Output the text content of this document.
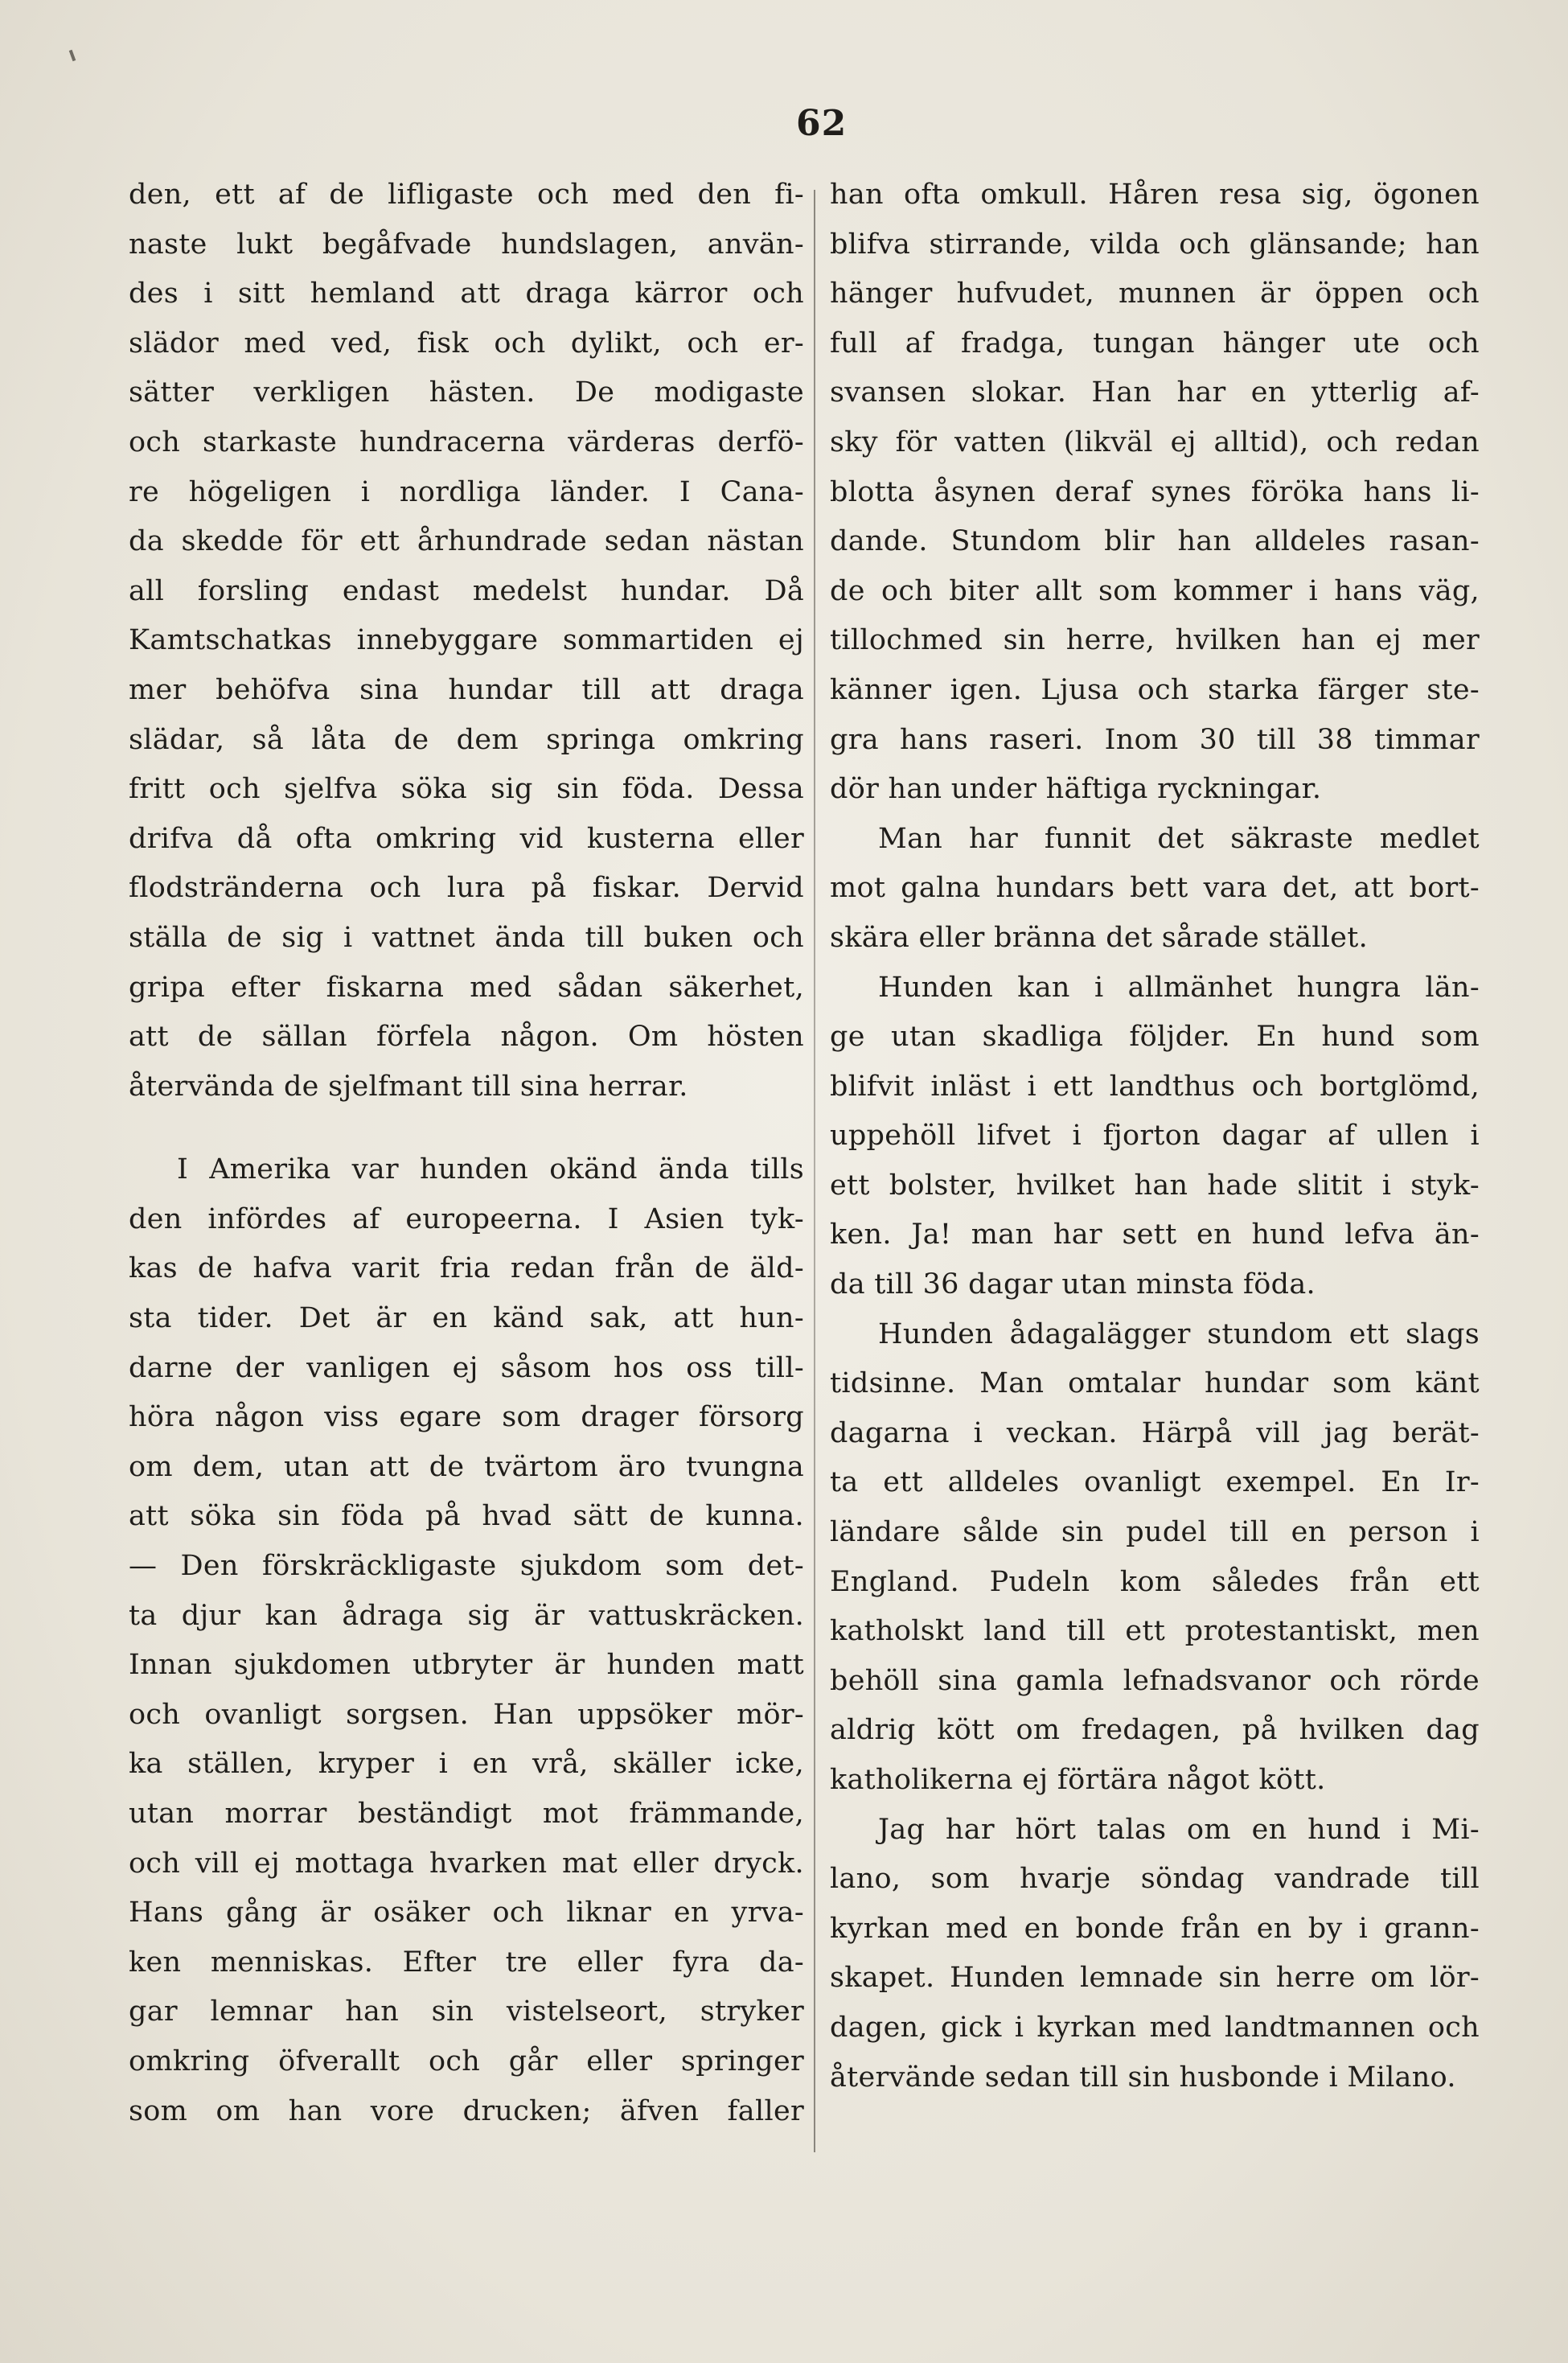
62
den, ett af de lifligaste och med den fi-
naste lukt begåfvade hundslagen, använ-
des i sitt hemland att draga kärror och
slädor med ved, fisk och dylikt, och er-
sätter verkligen hästen. De modigaste
och starkaste hundracerna värderas derfö-
re högeligen i nordliga länder. I Cana-
da skedde för ett århundrade sedan nästan
all forsling endast medelst hundar. Då
Kamtschatkas innebyggare sommartiden ej
mer behöfva sina hundar till att draga
slädar, så låta de dem springa omkring
fritt och sjelfva söka sig sin föda. Dessa
drifva då ofta omkring vid kusterna eller
flodstränderna och lura på fiskar. Dervid
ställa de sig i vattnet ända till buken och
gripa efter fiskarna med sådan säkerhet,
att de sällan förfela någon. Om hösten
återvända de sjelfmant till sina herrar.
I Amerika var hunden okänd ända tills
den infördes af europeerna. I Asien tyk-
kas de hafva varit fria redan från de äld-
sta tider. Det är en känd sak, att hun-
darne der vanligen ej såsom hos oss till-
höra någon viss egare som drager försorg
om dem, utan att de tvärtom äro tvungna
att söka sin föda på hvad sätt de kunna.
— Den förskräckligaste sjukdom som det-
ta djur kan ådraga sig är vattuskräcken.
Innan sjukdomen utbryter är hunden matt
och ovanligt sorgsen. Han uppsöker mör-
ka ställen, kryper i en vrå, skäller icke,
utan morrar beständigt mot främmande,
och vill ej mottaga hvarken mat eller dryck.
Hans gång är osäker och liknar en yrva-
ken menniskas. Efter tre eller fyra da-
gar lemnar han sin vistelseort, stryker
omkring öfverallt och går eller springer
som om han vore drucken; äfven faller
han ofta omkull. Håren resa sig, ögonen
blifva stirrande, vilda och glänsande; han
hänger hufvudet, munnen är öppen och
full af fradga, tungan hänger ute och
svansen slokar. Han har en ytterlig af-
sky för vatten (likväl ej alltid), och redan
blotta åsynen deraf synes föröka hans li-
dande. Stundom blir han alldeles rasan-
de och biter allt som kommer i hans väg,
tillochmed sin herre, hvilken han ej mer
känner igen. Ljusa och starka färger ste-
gra hans raseri. Inom 30 till 38 timmar
dör han under häftiga ryckningar.
Man har funnit det säkraste medlet
mot galna hundars bett vara det, att bort-
skära eller bränna det sårade stället.
Hunden kan i allmänhet hungra län-
ge utan skadliga följder. En hund som
blifvit inläst i ett landthus och bortglömd,
uppehöll lifvet i fjorton dagar af ullen i
ett bolster, hvilket han hade slitit i styk-
ken. Ja! man har sett en hund lefva än-
da till 36 dagar utan minsta föda.
Hunden ådagalägger stundom ett slags
tidsinne. Man omtalar hundar som känt
dagarna i veckan. Härpå vill jag berät-
ta ett alldeles ovanligt exempel. En Ir-
ländare sålde sin pudel till en person i
England. Pudeln kom således från ett
katholskt land till ett protestantiskt, men
behöll sina gamla lefnadsvanor och rörde
aldrig kött om fredagen, på hvilken dag
katholikerna ej förtära något kött.
Jag har hört talas om en hund i Mi-
lano, som hvarje söndag vandrade till
kyrkan med en bonde från en by i grann-
skapet. Hunden lemnade sin herre om lör-
dagen, gick i kyrkan med landtmannen och
återvände sedan till sin husbonde i Milano.
